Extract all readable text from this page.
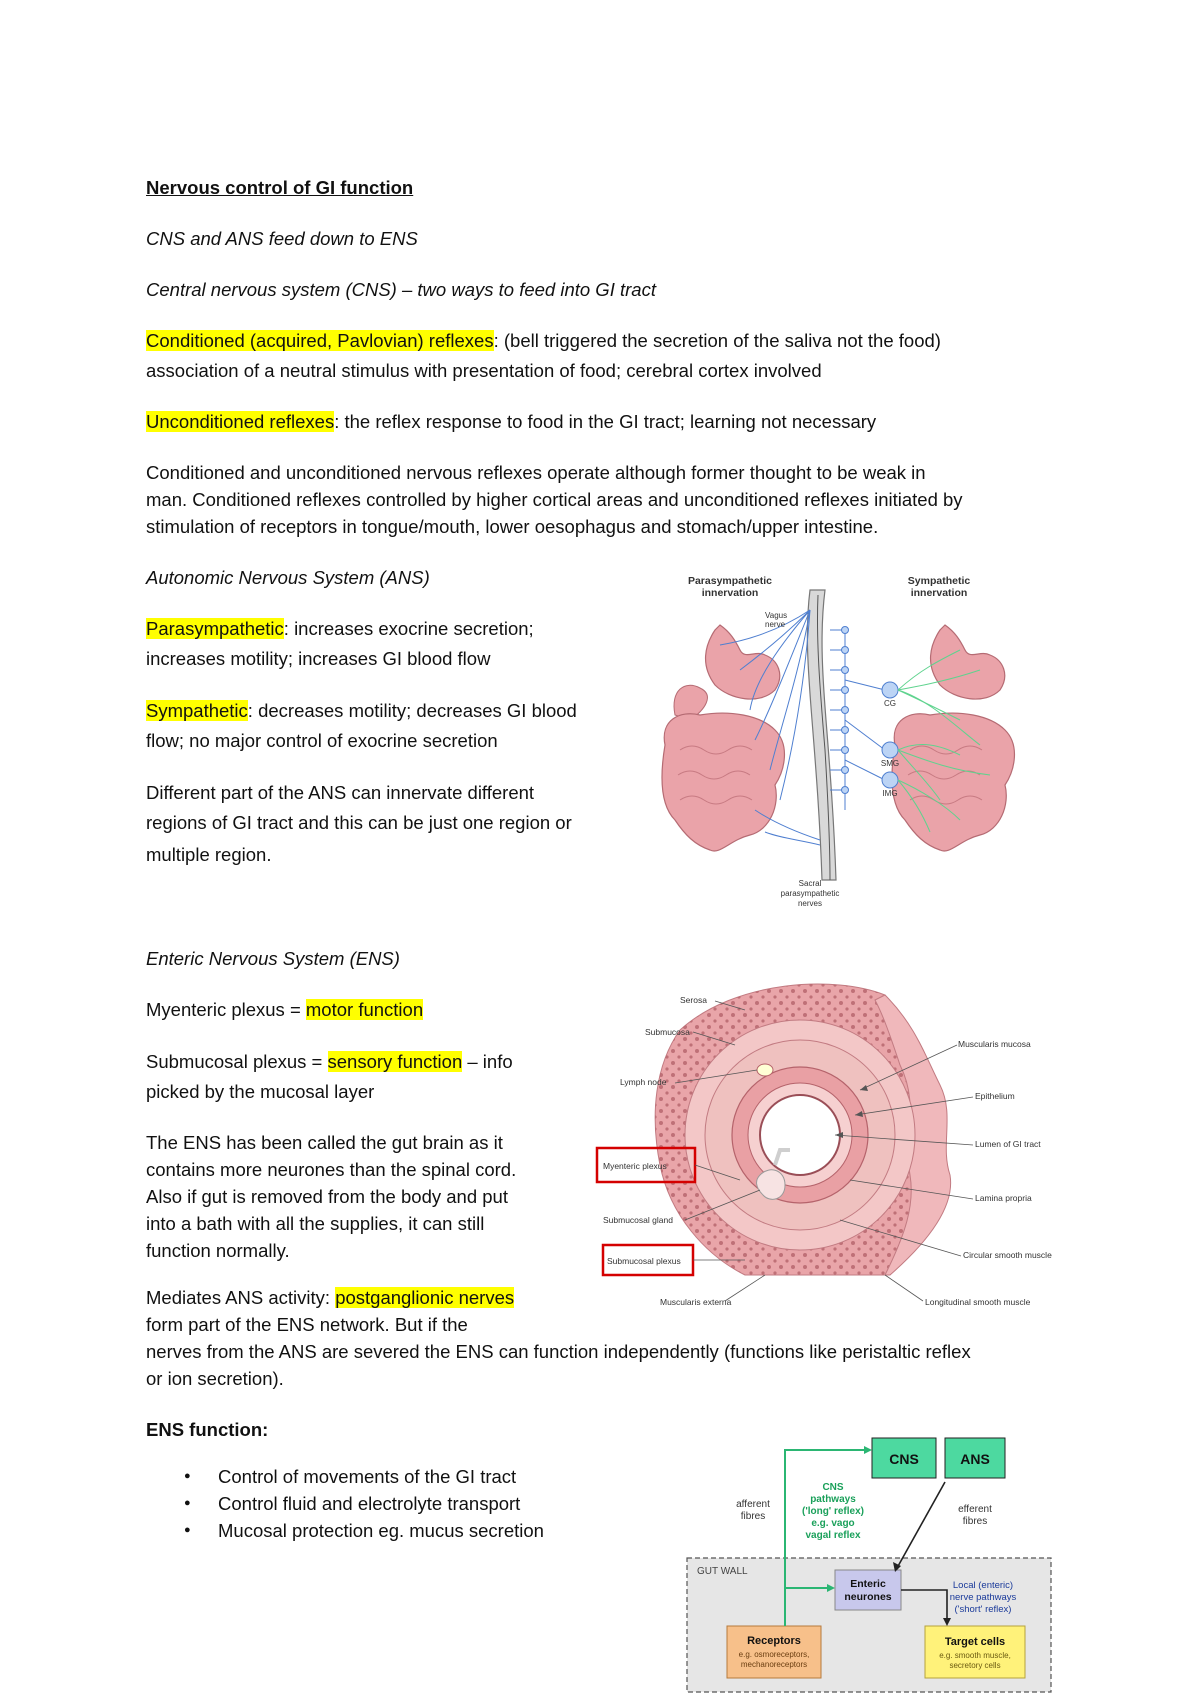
Nervous control of GI function
CNS and ANS feed down to ENS
Central nervous system (CNS) – two ways to feed into GI tract
Conditioned (acquired, Pavlovian) reflexes: (bell triggered the secretion of the saliva not the food)
association of a neutral stimulus with presentation of food; cerebral cortex involved
Unconditioned reflexes: the reflex response to food in the GI tract; learning not necessary
Conditioned and unconditioned nervous reflexes operate although former thought to be weak in
man. Conditioned reflexes controlled by higher cortical areas and unconditioned reflexes initiated by
stimulation of receptors in tongue/mouth, lower oesophagus and stomach/upper intestine.
Autonomic Nervous System (ANS)
Parasympathetic: increases exocrine secretion;
increases motility; increases GI blood flow
Sympathetic: decreases motility; decreases GI blood
flow; no major control of exocrine secretion
Different part of the ANS can innervate different
regions of GI tract and this can be just one region or
multiple region.
Enteric Nervous System (ENS)
Myenteric plexus = motor function
Submucosal plexus = sensory function – info
picked by the mucosal layer
The ENS has been called the gut brain as it
contains more neurones than the spinal cord.
Also if gut is removed from the body and put
into a bath with all the supplies, it can still
function normally.
Mediates ANS activity: postganglionic nerves
form part of the ENS network. But if the
nerves from the ANS are severed the ENS can function independently (functions like peristaltic reflex
or ion secretion).
ENS function:
● Control of movements of the GI tract
● Control fluid and electrolyte transport
● Mucosal protection eg. mucus secretion
Parasympathetic
innervation
Sympathetic
innervation
CG
SMG
IMG
Vagus
nerve
Sacral
parasympathetic
nerves
Serosa
Submucosa
Lymph node
Myenteric plexus
Submucosal gland
Submucosal plexus
Muscularis externa
Muscularis mucosa
Epithelium
Lumen of GI tract
Lamina propria
Circular smooth muscle
Longitudinal smooth muscle
CNS	ANS
CNS
pathways
('long' reflex)
e.g. vago
vagal reflex
afferent
fibres
efferent
fibres
GUT WALL
Enteric
neurones
Local (enteric)
nerve pathways
('short' reflex)
Receptors
e.g. osmoreceptors,
mechanoreceptors
Target cells
e.g. smooth muscle,
secretory cells
